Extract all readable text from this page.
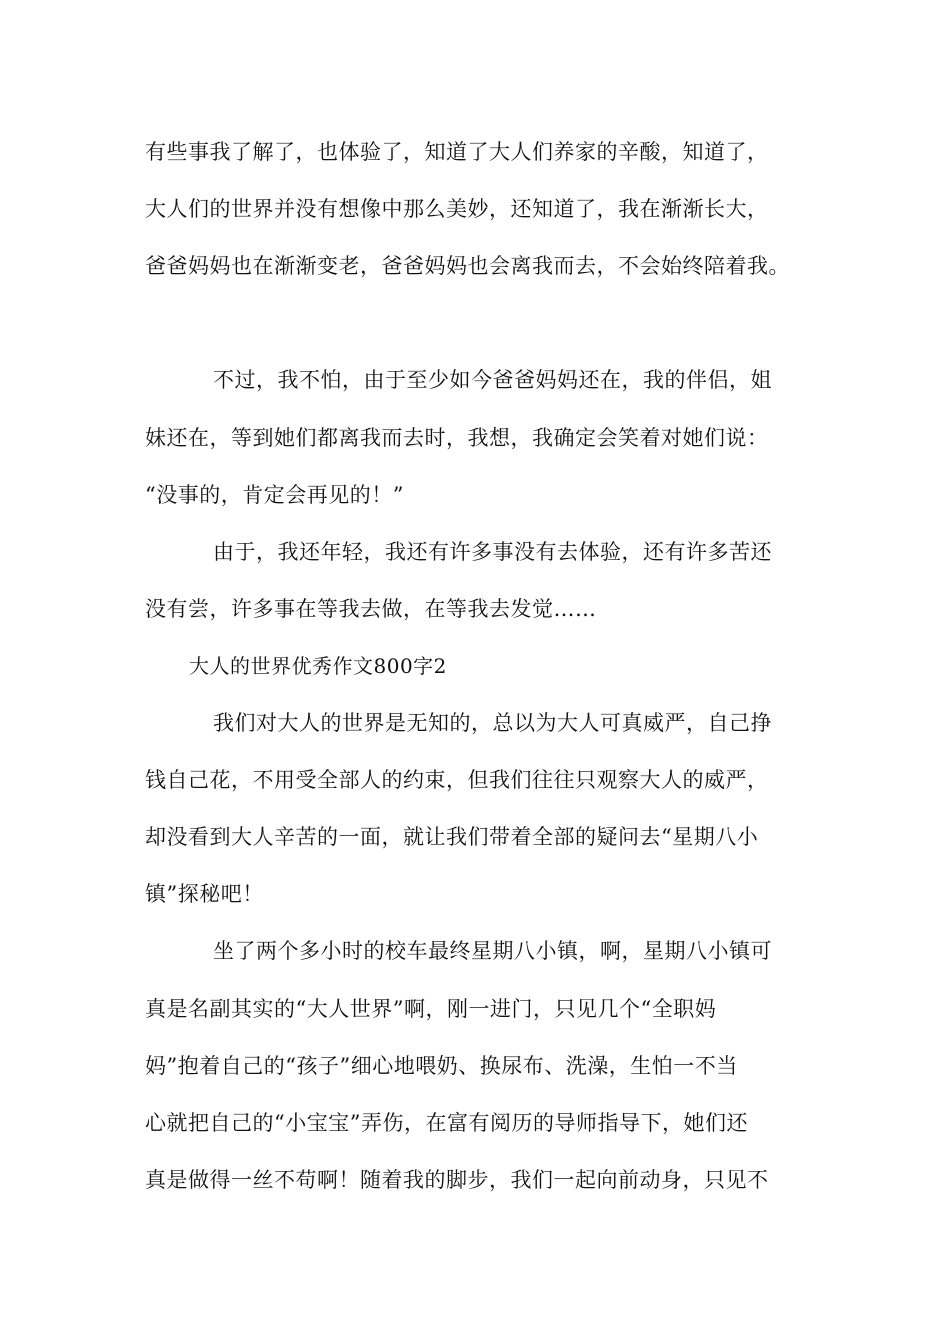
有些事我了解了，也体验了，知道了大人们养家的辛酸，知道了，
大人们的世界并没有想像中那么美妙，还知道了，我在渐渐长大，
爸爸妈妈也在渐渐变老，爸爸妈妈也会离我而去，不会始终陪着我。
不过，我不怕，由于至少如今爸爸妈妈还在，我的伴侣，姐
妹还在，等到她们都离我而去时，我想，我确定会笑着对她们说：
“没事的，肯定会再见的！”
由于，我还年轻，我还有许多事没有去体验，还有许多苦还
没有尝，许多事在等我去做，在等我去发觉……
大人的世界优秀作文800字2
我们对大人的世界是无知的，总以为大人可真威严，自己挣
钱自己花，不用受全部人的约束，但我们往往只观察大人的威严，
却没看到大人辛苦的一面，就让我们带着全部的疑问去“星期八小
镇”探秘吧！
坐了两个多小时的校车最终星期八小镇，啊，星期八小镇可
真是名副其实的“大人世界”啊，刚一进门，只见几个“全职妈
妈”抱着自己的“孩子”细心地喂奶、换尿布、洗澡，生怕一不当
心就把自己的“小宝宝”弄伤，在富有阅历的导师指导下，她们还
真是做得一丝不苟啊！随着我的脚步，我们一起向前动身，只见不
